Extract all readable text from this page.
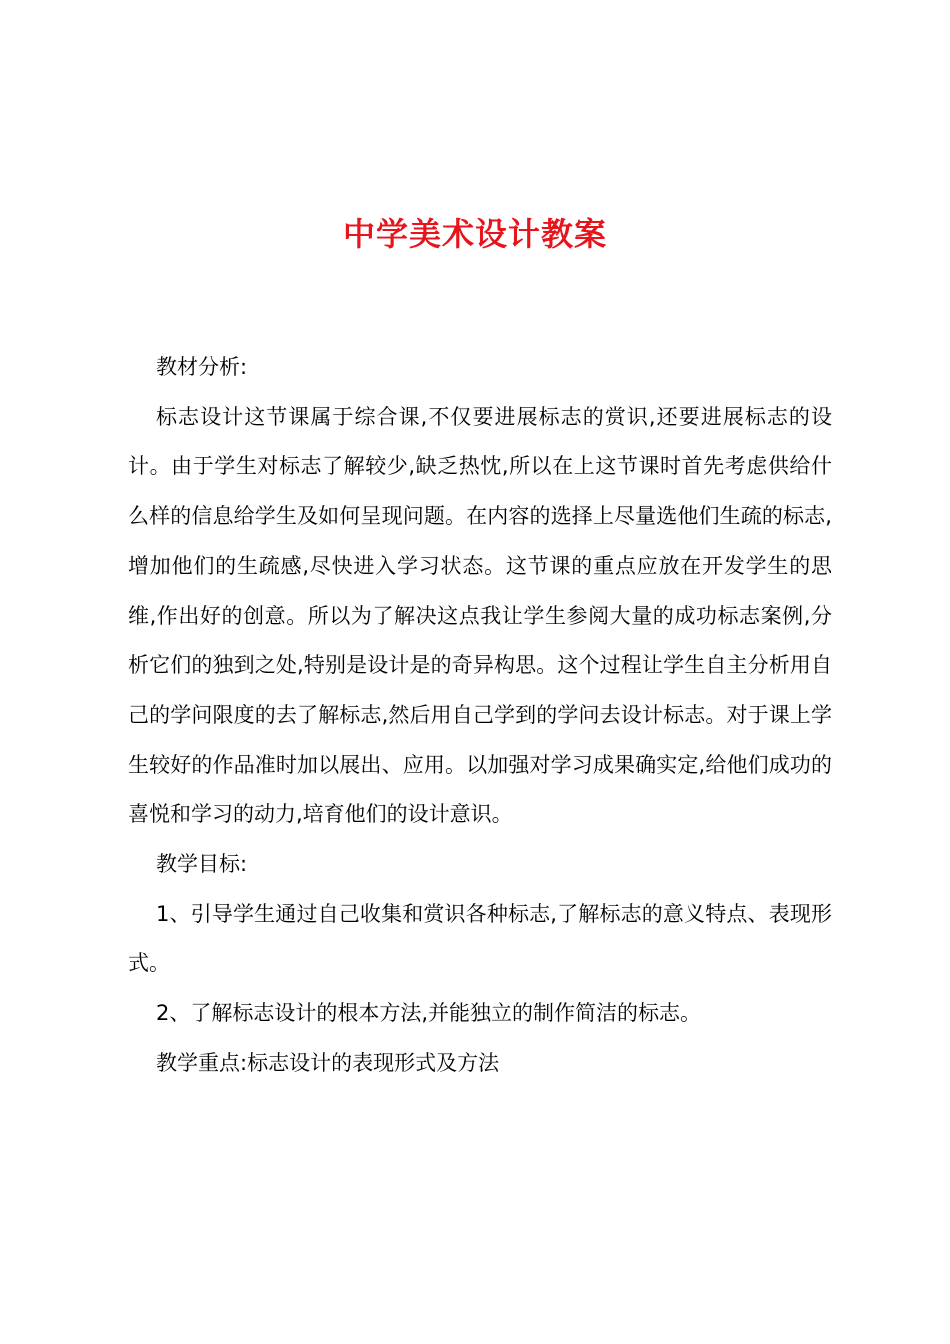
中学美术设计教案

教材分析:

标志设计这节课属于综合课,不仅要进展标志的赏识,还要进展标志的设计。由于学生对标志了解较少,缺乏热忱,所以在上这节课时首先考虑供给什么样的信息给学生及如何呈现问题。在内容的选择上尽量选他们生疏的标志,增加他们的生疏感,尽快进入学习状态。这节课的重点应放在开发学生的思维,作出好的创意。所以为了解决这点我让学生参阅大量的成功标志案例,分析它们的独到之处,特别是设计是的奇异构思。这个过程让学生自主分析用自己的学问限度的去了解标志,然后用自己学到的学问去设计标志。对于课上学生较好的作品准时加以展出、应用。以加强对学习成果确实定,给他们成功的喜悦和学习的动力,培育他们的设计意识。

教学目标:

1、引导学生通过自己收集和赏识各种标志,了解标志的意义特点、表现形式。

2、了解标志设计的根本方法,并能独立的制作简洁的标志。

教学重点:标志设计的表现形式及方法
